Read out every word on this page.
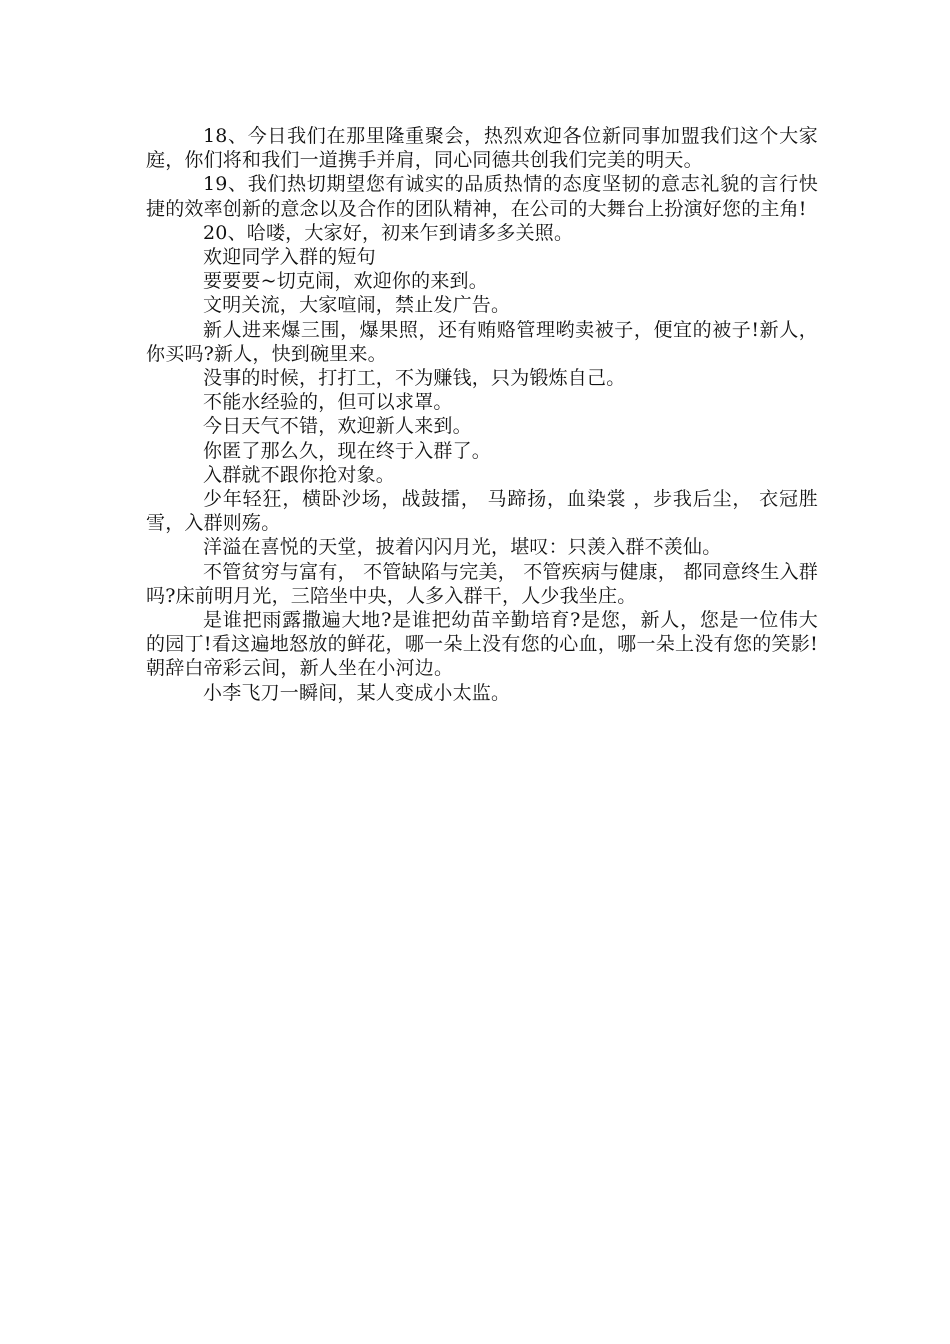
18、今日我们在那里隆重聚会，热烈欢迎各位新同事加盟我们这个大家庭，你们将和我们一道携手并肩，同心同德共创我们完美的明天。

19、我们热切期望您有诚实的品质热情的态度坚韧的意志礼貌的言行快捷的效率创新的意念以及合作的团队精神，在公司的大舞台上扮演好您的主角!

20、哈喽，大家好，初来乍到请多多关照。

欢迎同学入群的短句

要要要~切克闹，欢迎你的来到。

文明关流，大家喧闹，禁止发广告。

新人进来爆三围，爆果照，还有贿赂管理哟卖被子，便宜的被子!新人，你买吗?新人，快到碗里来。

没事的时候，打打工，不为赚钱，只为锻炼自己。

不能水经验的，但可以求罩。

今日天气不错，欢迎新人来到。

你匿了那么久，现在终于入群了。

入群就不跟你抢对象。

少年轻狂，横卧沙场，战鼓擂， 马蹄扬，血染裳 ，步我后尘， 衣冠胜雪，入群则殇。

洋溢在喜悦的天堂，披着闪闪月光，堪叹：只羡入群不羡仙。

不管贫穷与富有， 不管缺陷与完美， 不管疾病与健康， 都同意终生入群吗?床前明月光，三陪坐中央，人多入群干，人少我坐庄。

是谁把雨露撒遍大地?是谁把幼苗辛勤培育?是您，新人，您是一位伟大的园丁!看这遍地怒放的鲜花，哪一朵上没有您的心血，哪一朵上没有您的笑影!朝辞白帝彩云间，新人坐在小河边。

小李飞刀一瞬间，某人变成小太监。
